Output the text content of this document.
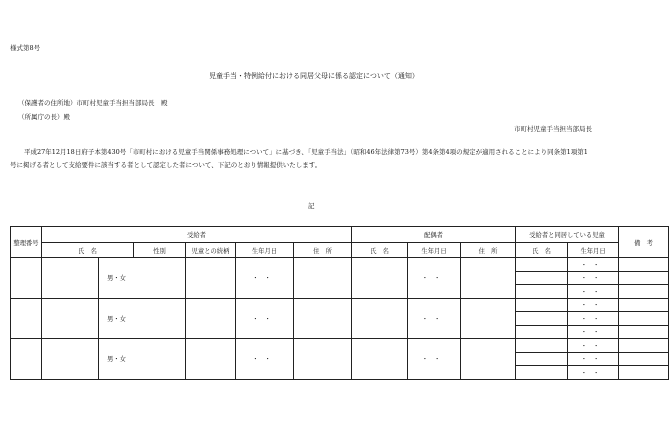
様式第8号
児童手当・特例給付における同居父母に係る認定について（通知）
（保護者の住所地）市町村児童手当担当部局長　殿
（所属庁の長）殿
市町村児童手当担当部局長
平成27年12月18日府子本第430号「市町村における児童手当関係事務処理について」に基づき、「児童手当法」（昭和46年法律第73号）第4条第4項の規定が適用されることにより同条第1項第1
号に掲げる者として支給要件に該当する者として認定した者について、下記のとおり情報提供いたします。
記
整理番号	受給者						配偶者			受給者と同居している児童		備　考
	氏　名		性別	児童との続柄	生年月日	住　所	氏　名	生年月日	住　所	氏　名	生年月日	
		男・女			・・			・・			・・	
											・・	
											・・	
		男・女			・・			・・			・・	
											・・	
											・・	
		男・女			・・			・・			・・	
											・・	
											・・	
